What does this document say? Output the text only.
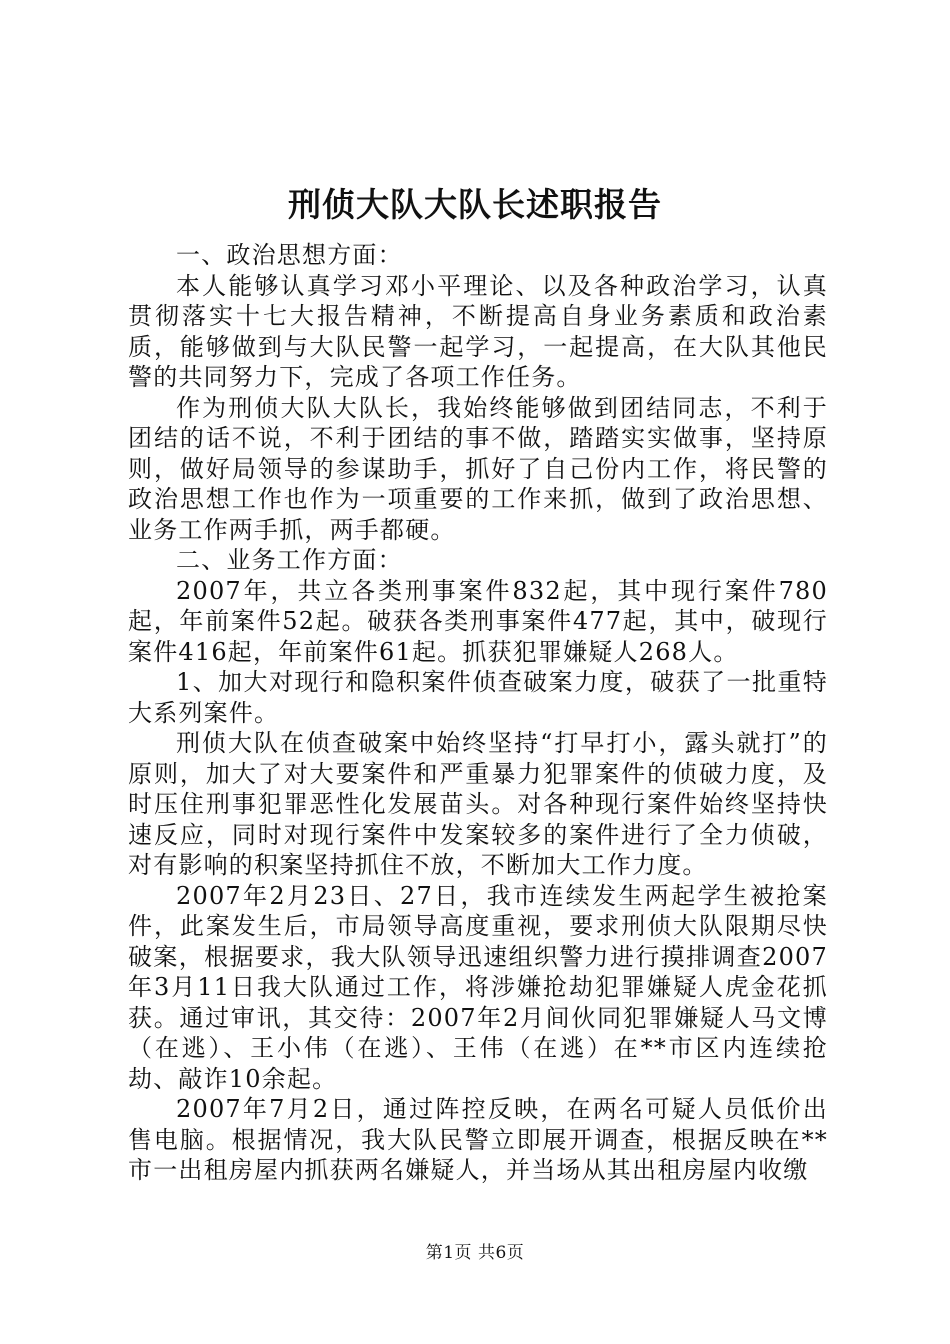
刑侦大队大队长述职报告

一、政治思想方面：

本人能够认真学习邓小平理论、以及各种政治学习，认真贯彻落实十七大报告精神，不断提高自身业务素质和政治素质，能够做到与大队民警一起学习，一起提高，在大队其他民警的共同努力下，完成了各项工作任务。

作为刑侦大队大队长，我始终能够做到团结同志，不利于团结的话不说，不利于团结的事不做，踏踏实实做事，坚持原则，做好局领导的参谋助手，抓好了自己份内工作，将民警的政治思想工作也作为一项重要的工作来抓，做到了政治思想、业务工作两手抓，两手都硬。

二、业务工作方面：

2007年，共立各类刑事案件832起，其中现行案件780起，年前案件52起。破获各类刑事案件477起，其中，破现行案件416起，年前案件61起。抓获犯罪嫌疑人268人。

1、加大对现行和隐积案件侦查破案力度，破获了一批重特大系列案件。

刑侦大队在侦查破案中始终坚持“打早打小，露头就打”的原则，加大了对大要案件和严重暴力犯罪案件的侦破力度，及时压住刑事犯罪恶性化发展苗头。对各种现行案件始终坚持快速反应，同时对现行案件中发案较多的案件进行了全力侦破，对有影响的积案坚持抓住不放，不断加大工作力度。

2007年2月23日、27日，我市连续发生两起学生被抢案件，此案发生后，市局领导高度重视，要求刑侦大队限期尽快破案，根据要求，我大队领导迅速组织警力进行摸排调查2007年3月11日我大队通过工作，将涉嫌抢劫犯罪嫌疑人虎金花抓获。通过审讯，其交待：2007年2月间伙同犯罪嫌疑人马文博（在逃）、王小伟（在逃）、王伟（在逃）在**市区内连续抢劫、敲诈10余起。

2007年7月2日，通过阵控反映，在两名可疑人员低价出售电脑。根据情况，我大队民警立即展开调查，根据反映在**市一出租房屋内抓获两名嫌疑人，并当场从其出租房屋内收缴

第1页 共6页
